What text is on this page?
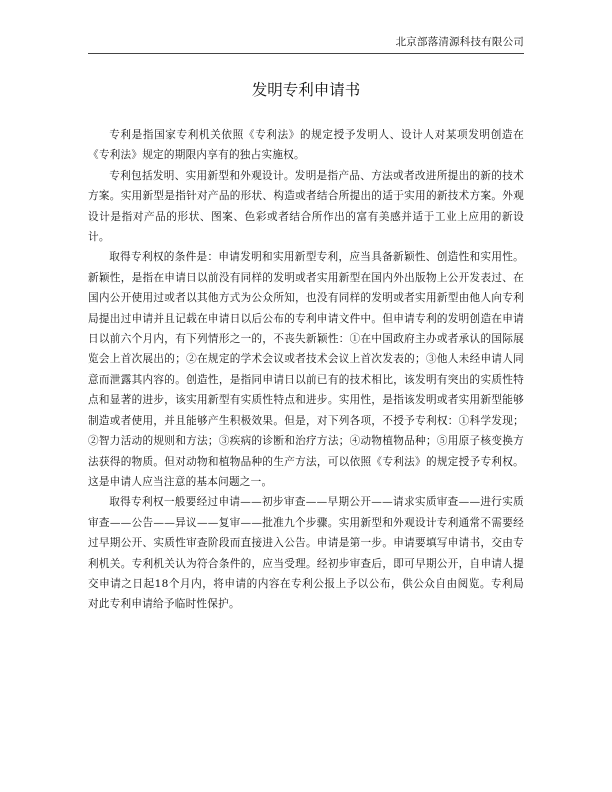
北京部落清源科技有限公司
发明专利申请书

专利是指国家专利机关依照《专利法》的规定授予发明人、设计人对某项发明创造在《专利法》规定的期限内享有的独占实施权。

专利包括发明、实用新型和外观设计。发明是指产品、方法或者改进所提出的新的技术方案。实用新型是指针对产品的形状、构造或者结合所提出的适于实用的新技术方案。外观设计是指对产品的形状、图案、色彩或者结合所作出的富有美感并适于工业上应用的新设计。

取得专利权的条件是：申请发明和实用新型专利，应当具备新颖性、创造性和实用性。新颖性，是指在申请日以前没有同样的发明或者实用新型在国内外出版物上公开发表过、在国内公开使用过或者以其他方式为公众所知，也没有同样的发明或者实用新型由他人向专利局提出过申请并且记载在申请日以后公布的专利申请文件中。但申请专利的发明创造在申请日以前六个月内，有下列情形之一的，不丧失新颖性：①在中国政府主办或者承认的国际展览会上首次展出的；②在规定的学术会议或者技术会议上首次发表的；③他人未经申请人同意而泄露其内容的。创造性，是指同申请日以前已有的技术相比，该发明有突出的实质性特点和显著的进步，该实用新型有实质性特点和进步。实用性，是指该发明或者实用新型能够制造或者使用，并且能够产生积极效果。但是，对下列各项，不授予专利权：①科学发现；②智力活动的规则和方法；③疾病的诊断和治疗方法；④动物植物品种；⑤用原子核变换方法获得的物质。但对动物和植物品种的生产方法，可以依照《专利法》的规定授予专利权。这是申请人应当注意的基本问题之一。

取得专利权一般要经过申请——初步审查——早期公开——请求实质审查——进行实质审查——公告——异议——复审——批准九个步骤。实用新型和外观设计专利通常不需要经过早期公开、实质性审查阶段而直接进入公告。申请是第一步。申请要填写申请书，交由专利机关。专利机关认为符合条件的，应当受理。经初步审查后，即可早期公开，自申请人提交申请之日起18个月内，将申请的内容在专利公报上予以公布，供公众自由阅览。专利局对此专利申请给予临时性保护。
